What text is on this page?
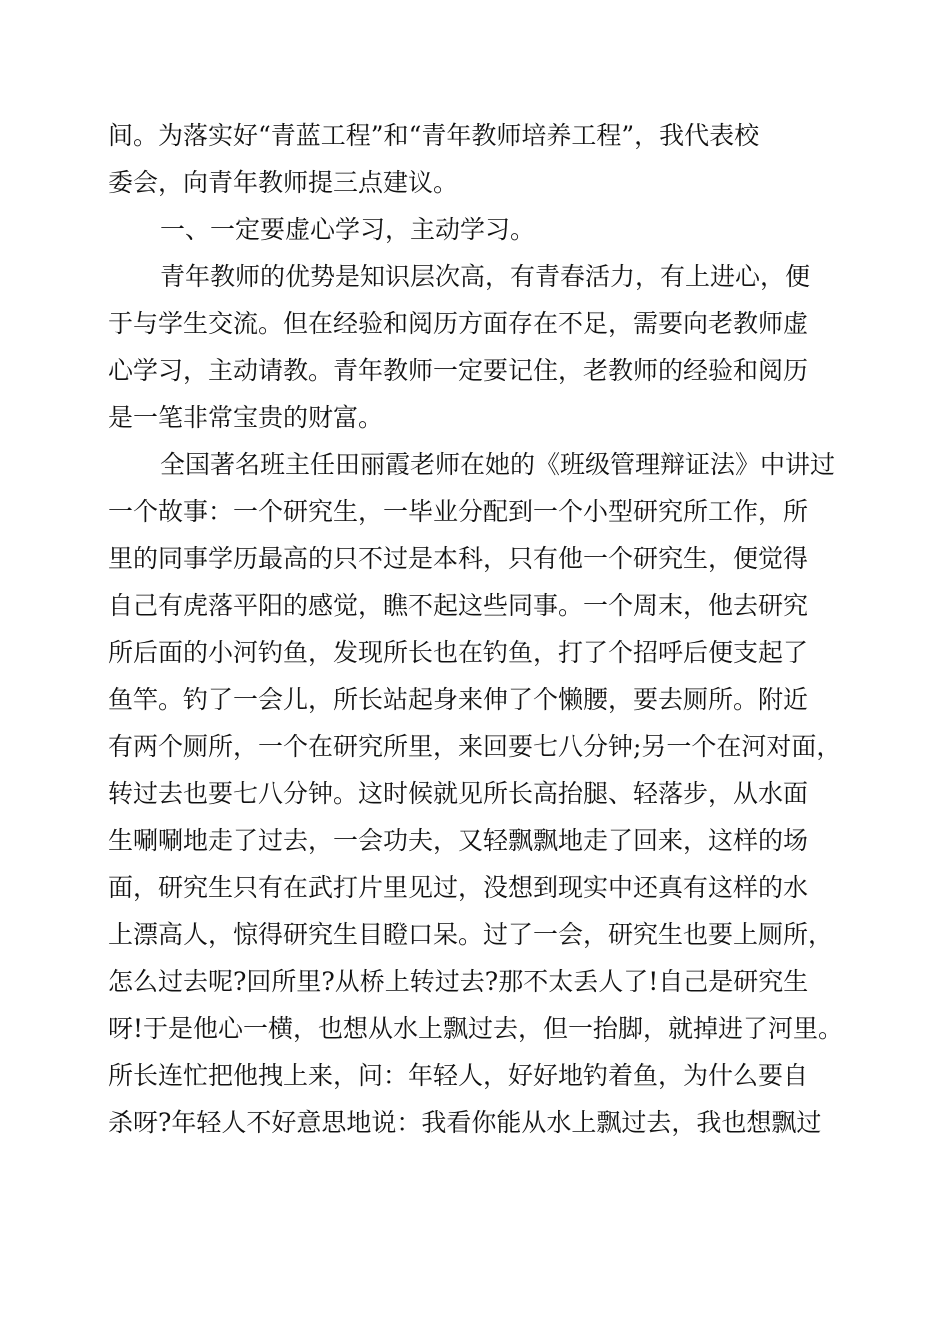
间。为落实好“青蓝工程”和“青年教师培养工程”，我代表校
委会，向青年教师提三点建议。
一、一定要虚心学习，主动学习。
青年教师的优势是知识层次高，有青春活力，有上进心，便
于与学生交流。但在经验和阅历方面存在不足，需要向老教师虚
心学习，主动请教。青年教师一定要记住，老教师的经验和阅历
是一笔非常宝贵的财富。
全国著名班主任田丽霞老师在她的《班级管理辩证法》中讲过
一个故事：一个研究生，一毕业分配到一个小型研究所工作，所
里的同事学历最高的只不过是本科，只有他一个研究生，便觉得
自己有虎落平阳的感觉，瞧不起这些同事。一个周末，他去研究
所后面的小河钓鱼，发现所长也在钓鱼，打了个招呼后便支起了
鱼竿。钓了一会儿，所长站起身来伸了个懒腰，要去厕所。附近
有两个厕所，一个在研究所里，来回要七八分钟;另一个在河对面，
转过去也要七八分钟。这时候就见所长高抬腿、轻落步，从水面
生唰唰地走了过去，一会功夫，又轻飘飘地走了回来，这样的场
面，研究生只有在武打片里见过，没想到现实中还真有这样的水
上漂高人，惊得研究生目瞪口呆。过了一会，研究生也要上厕所，
怎么过去呢?回所里?从桥上转过去?那不太丢人了!自己是研究生
呀!于是他心一横，也想从水上飘过去，但一抬脚，就掉进了河里。
所长连忙把他拽上来，问：年轻人，好好地钓着鱼，为什么要自
杀呀?年轻人不好意思地说：我看你能从水上飘过去，我也想飘过
